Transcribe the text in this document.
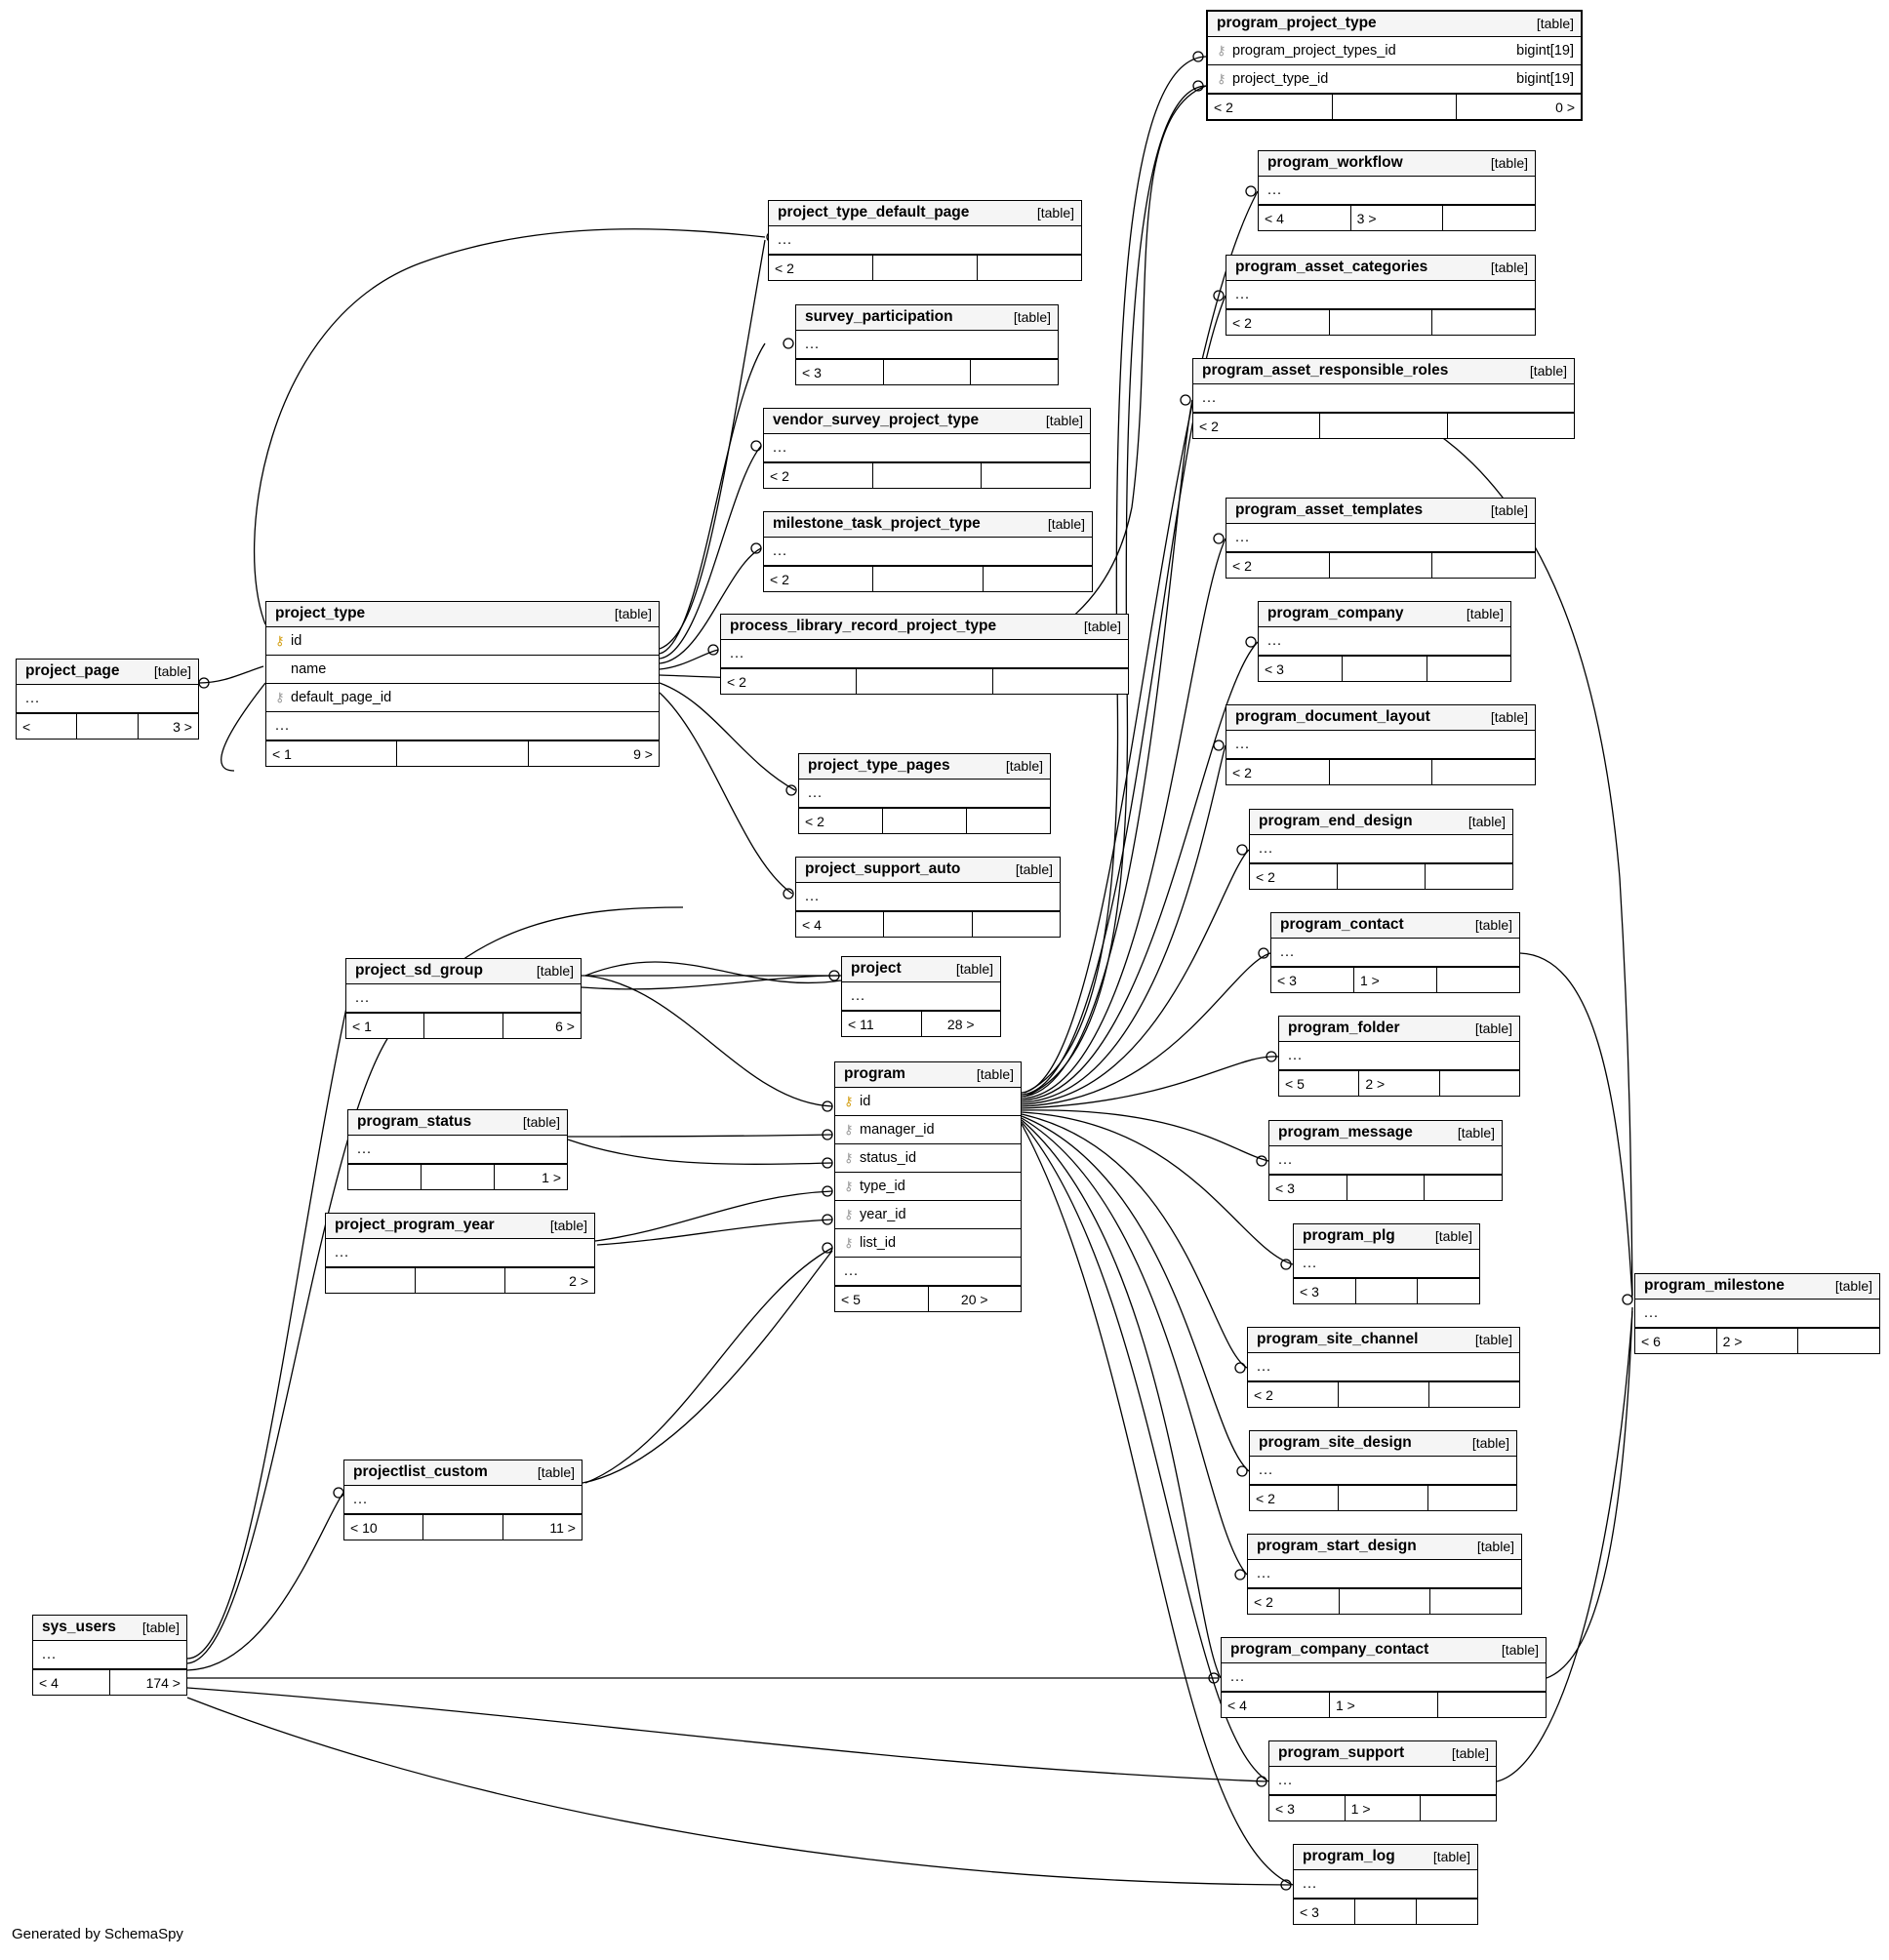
program_project_type	[table]
⚷ program_project_types_id	bigint[19]
⚷ project_type_id	bigint[19]
< 2	0 >
program_workflow	[table]
...
< 4	3 >
program_asset_categories	[table]
...
< 2
program_asset_responsible_roles	[table]
...
< 2
program_asset_templates	[table]
...
< 2
program_company	[table]
...
< 3
program_document_layout	[table]
...
< 2
program_end_design	[table]
...
< 2
program_contact	[table]
...
< 3	1 >
program_folder	[table]
...
< 5	2 >
program_message	[table]
...
< 3
program_plg	[table]
...
< 3
program_site_channel	[table]
...
< 2
program_site_design	[table]
...
< 2
program_start_design	[table]
...
< 2
program_company_contact	[table]
...
< 4	1 >
program_support	[table]
...
< 3	1 >
program_log	[table]
...
< 3
program_milestone	[table]
...
< 6	2 >
project_type_default_page	[table]
...
< 2
survey_participation	[table]
...
< 3
vendor_survey_project_type	[table]
...
< 2
milestone_task_project_type	[table]
...
< 2
process_library_record_project_type	[table]
...
< 2
project_type_pages	[table]
...
< 2
project_support_auto	[table]
...
< 4
project_type	[table]
⚷ id
name
⚷ default_page_id
...
< 1	9 >
project_page	[table]
...
<	3 >
project	[table]
...
< 11	28 >
project_sd_group	[table]
...
< 1	6 >
program	[table]
⚷ id
⚷ manager_id
⚷ status_id
⚷ type_id
⚷ year_id
⚷ list_id
...
< 5	20 >
program_status	[table]
...
1 >
project_program_year	[table]
...
2 >
projectlist_custom	[table]
...
< 10	11 >
sys_users	[table]
...
< 4	174 >
Generated by SchemaSpy
